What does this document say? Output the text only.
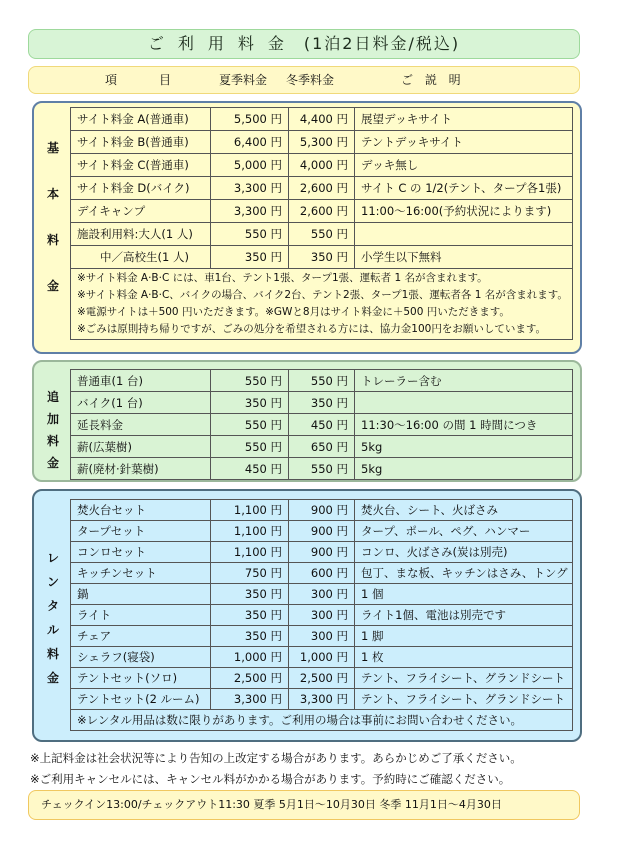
ご利用料金 (1泊2日料金/税込)
項　　目	夏季料金 冬季料金	ご 説 明
基
本
料
金
サイト料金 A(普通車)	5,500 円	4,400 円	展望デッキサイト
サイト料金 B(普通車)	6,400 円	5,300 円	テントデッキサイト
サイト料金 C(普通車)	5,000 円	4,000 円	デッキ無し
サイト料金 D(バイク)	3,300 円	2,600 円	サイト C の 1/2(テント、タープ各1張)
デイキャンプ	3,300 円	2,600 円	11:00〜16:00(予約状況によります)
施設利用料:大人(1 人)	550 円	550 円	
　　中／高校生(1 人)	350 円	350 円	小学生以下無料

※サイト料金 A·B·C には、車1台、テント1張、タープ1張、運転者 1 名が含まれます。
※サイト料金 A·B·C、バイクの場合、バイク2台、テント2張、タープ1張、運転者各 1 名が含まれます。
※電源サイトは＋500 円いただきます。※GWと8月はサイト料金に＋500 円いただきます。
※ごみは原則持ち帰りですが、ごみの処分を希望される方には、協力金100円をお願いしています。			
追
加
料
金
普通車(1 台)	550 円	550 円	トレーラー含む
バイク(1 台)	350 円	350 円	
延長料金	550 円	450 円	11:30〜16:00 の間 1 時間につき
薪(広葉樹)	550 円	650 円	5kg
薪(廃材·針葉樹)	450 円	550 円	5kg
レ
ン
タ
ル
料
金
焚火台セット	1,100 円	900 円	焚火台、シート、火ばさみ
タープセット	1,100 円	900 円	タープ、ポール、ペグ、ハンマー
コンロセット	1,100 円	900 円	コンロ、火ばさみ(炭は別売)
キッチンセット	750 円	600 円	包丁、まな板、キッチンはさみ、トング
鍋	350 円	300 円	1 個
ライト	350 円	300 円	ライト1個、電池は別売です
チェア	350 円	300 円	1 脚
シェラフ(寝袋)	1,000 円	1,000 円	1 枚
テントセット(ソロ)	2,500 円	2,500 円	テント、フライシート、グランドシート
テントセット(2 ルーム)	3,300 円	3,300 円	テント、フライシート、グランドシート
※レンタル用品は数に限りがあります。ご利用の場合は事前にお問い合わせください。			
※上記料金は社会状況等により告知の上改定する場合があります。あらかじめご了承ください。
※ご利用キャンセルには、キャンセル料がかかる場合があります。予約時にご確認ください。
チェックイン13:00/チェックアウト11:30 夏季 5月1日〜10月30日 冬季 11月1日〜4月30日
